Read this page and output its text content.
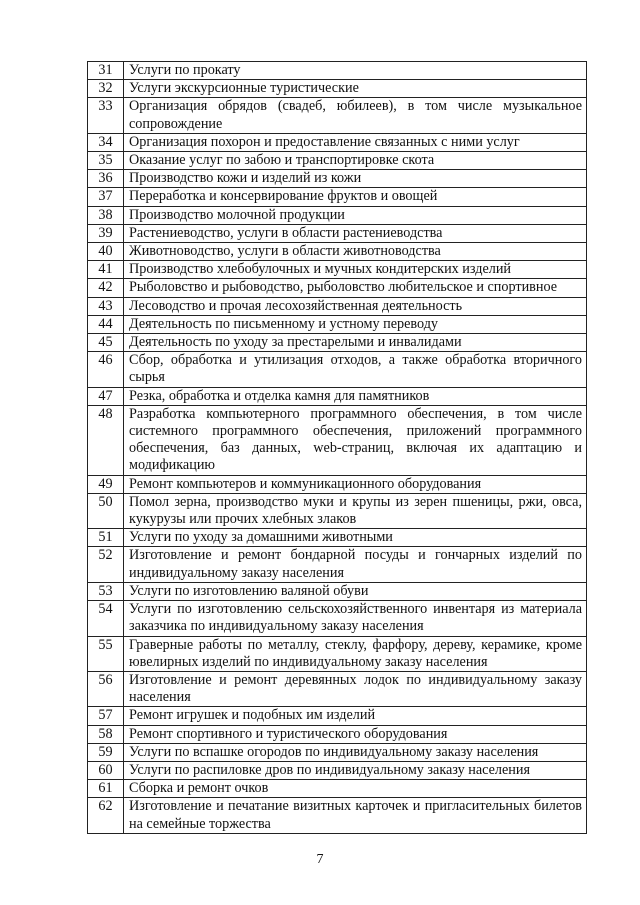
31	Услуги по прокату
32	Услуги экскурсионные туристические
33	Организация обрядов (свадеб, юбилеев), в том числе музыкальное сопровождение
34	Организация похорон и предоставление связанных с ними услуг
35	Оказание услуг по забою и транспортировке скота
36	Производство кожи и изделий из кожи
37	Переработка и консервирование фруктов и овощей
38	Производство молочной продукции
39	Растениеводство, услуги в области растениеводства
40	Животноводство, услуги в области животноводства
41	Производство хлебобулочных и мучных кондитерских изделий
42	Рыболовство и рыбоводство, рыболовство любительское и спортивное
43	Лесоводство и прочая лесохозяйственная деятельность
44	Деятельность по письменному и устному переводу
45	Деятельность по уходу за престарелыми и инвалидами
46	Сбор, обработка и утилизация отходов, а также обработка вторичного сырья
47	Резка, обработка и отделка камня для памятников
48	Разработка компьютерного программного обеспечения, в том числе системного программного обеспечения, приложений программного обеспечения, баз данных, web-страниц, включая их адаптацию и модификацию
49	Ремонт компьютеров и коммуникационного оборудования
50	Помол зерна, производство муки и крупы из зерен пшеницы, ржи, овса, кукурузы или прочих хлебных злаков
51	Услуги по уходу за домашними животными
52	Изготовление и ремонт бондарной посуды и гончарных изделий по индивидуальному заказу населения
53	Услуги по изготовлению валяной обуви
54	Услуги по изготовлению сельскохозяйственного инвентаря из материала заказчика по индивидуальному заказу населения
55	Граверные работы по металлу, стеклу, фарфору, дереву, керамике, кроме ювелирных изделий по индивидуальному заказу населения
56	Изготовление и ремонт деревянных лодок по индивидуальному заказу населения
57	Ремонт игрушек и подобных им изделий
58	Ремонт спортивного и туристического оборудования
59	Услуги по вспашке огородов по индивидуальному заказу населения
60	Услуги по распиловке дров по индивидуальному заказу населения
61	Сборка и ремонт очков
62	Изготовление и печатание визитных карточек и пригласительных билетов на семейные торжества
7
